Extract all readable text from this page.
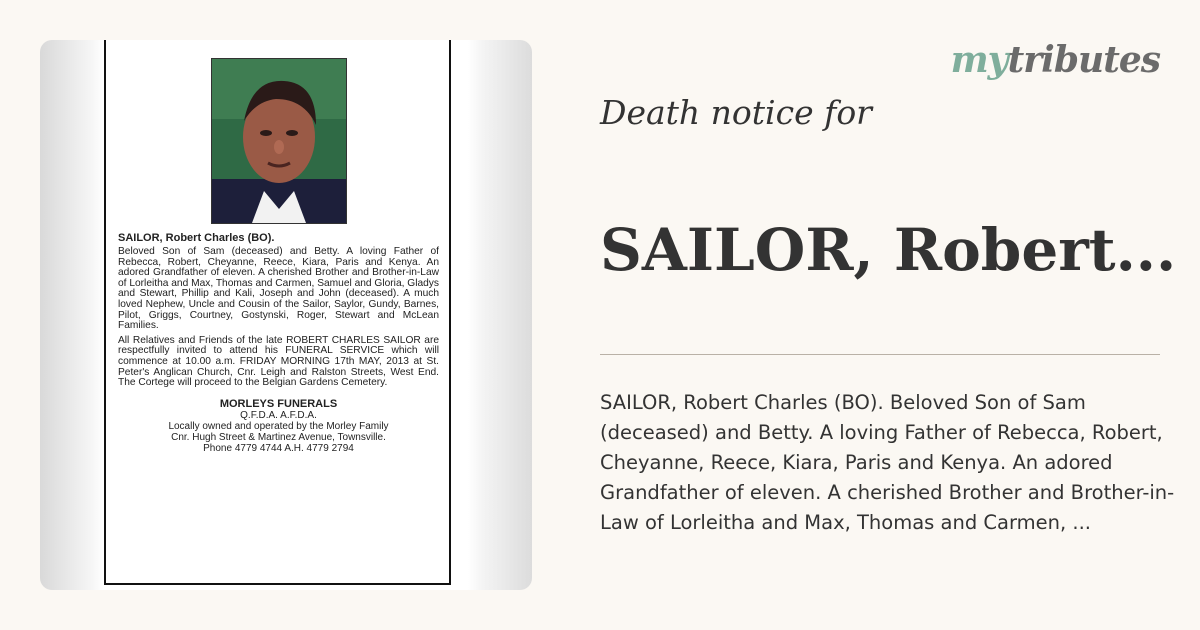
SAILOR, Robert Charles (BO).

Beloved Son of Sam (deceased) and Betty. A loving Father of Rebecca, Robert, Cheyanne, Reece, Kiara, Paris and Kenya. An adored Grandfather of eleven. A cherished Brother and Brother-in-Law of Lorleitha and Max, Thomas and Carmen, Samuel and Gloria, Gladys and Stewart, Phillip and Kali, Joseph and John (deceased). A much loved Nephew, Uncle and Cousin of the Sailor, Saylor, Gundy, Barnes, Pilot, Griggs, Courtney, Gostynski, Roger, Stewart and McLean Families.

All Relatives and Friends of the late ROBERT CHARLES SAILOR are respectfully invited to attend his FUNERAL SERVICE which will commence at 10.00 a.m. FRIDAY MORNING 17th MAY, 2013 at St. Peter's Anglican Church, Cnr. Leigh and Ralston Streets, West End. The Cortege will proceed to the Belgian Gardens Cemetery.

MORLEYS FUNERALS
Q.F.D.A. A.F.D.A.
Locally owned and operated by the Morley Family
Cnr. Hugh Street & Martinez Avenue, Townsville.
Phone 4779 4744 A.H. 4779 2794
mytributes
Death notice for
SAILOR, Robert...

SAILOR, Robert Charles (BO). Beloved Son of Sam (deceased) and Betty. A loving Father of Rebecca, Robert, Cheyanne, Reece, Kiara, Paris and Kenya. An adored Grandfather of eleven. A cherished Brother and Brother-in-Law of Lorleitha and Max, Thomas and Carmen, ...
